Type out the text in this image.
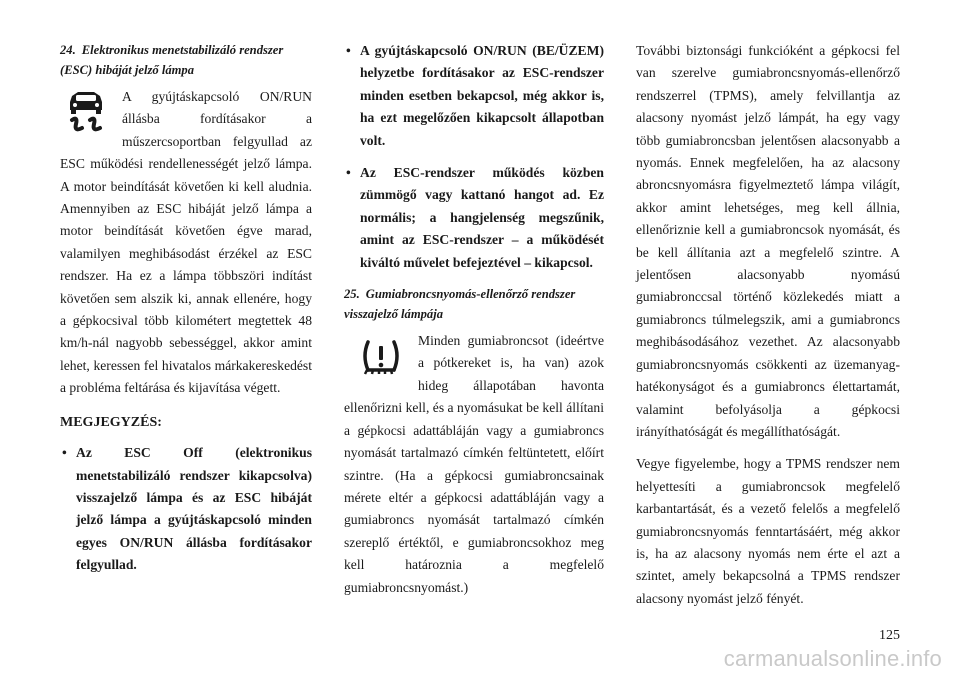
24. Elektronikus menetstabilizáló rendszer (ESC) hibáját jelző lámpa

A gyújtáskapcsoló ON/RUN állásba fordításakor a műszercsoportban felgyullad az ESC működési rendellenességét jelző lámpa. A motor beindítását követően ki kell aludnia. Amennyiben az ESC hibáját jelző lámpa a motor beindítását követően égve marad, valamilyen meghibásodást érzékel az ESC rendszer. Ha ez a lámpa többszöri indítást követően sem alszik ki, annak ellenére, hogy a gépkocsival több kilométert megtettek 48 km/h-nál nagyobb sebességgel, akkor amint lehet, keressen fel hivatalos márkakereskedést a probléma feltárása és kijavítása végett.

MEGJEGYZÉS:
• Az ESC Off (elektronikus menetstabilizáló rendszer kikapcsolva) visszajelző lámpa és az ESC hibáját jelző lámpa a gyújtáskapcsoló minden egyes ON/RUN állásba fordításakor felgyullad.
• A gyújtáskapcsoló ON/RUN (BE/ÜZEM) helyzetbe fordításakor az ESC-rendszer minden esetben bekapcsol, még akkor is, ha ezt megelőzően kikapcsolt állapotban volt.
• Az ESC-rendszer működés közben zümmögő vagy kattanó hangot ad. Ez normális; a hangjelenség megszűnik, amint az ESC-rendszer – a működését kiváltó művelet befejeztével – kikapcsol.
25. Gumiabroncsnyomás-ellenőrző rendszer visszajelző lámpája

Minden gumiabroncsot (ideértve a pótkereket is, ha van) azok hideg állapotában havonta ellenőrizni kell, és a nyomásukat be kell állítani a gépkocsi adattábláján vagy a gumiabroncs nyomását tartalmazó címkén feltüntetett, előírt szintre. (Ha a gépkocsi gumiabroncsainak mérete eltér a gépkocsi adattábláján vagy a gumiabroncs nyomását tartalmazó címkén szereplő értéktől, e gumiabroncsokhoz meg kell határoznia a megfelelő gumiabroncsnyomást.)

További biztonsági funkcióként a gépkocsi fel van szerelve gumiabroncsnyomás-ellenőrző rendszerrel (TPMS), amely felvillantja az alacsony nyomást jelző lámpát, ha egy vagy több gumiabroncsban jelentősen alacsonyabb a nyomás. Ennek megfelelően, ha az alacsony abroncsnyomásra figyelmeztető lámpa világít, akkor amint lehetséges, meg kell állnia, ellenőriznie kell a gumiabroncsok nyomását, és be kell állítania azt a megfelelő szintre. A jelentősen alacsonyabb nyomású gumiabronccsal történő közlekedés miatt a gumiabroncs túlmelegszik, ami a gumiabroncs meghibásodásához vezethet. Az alacsonyabb gumiabroncsnyomás csökkenti az üzemanyag-hatékonyságot és a gumiabroncs élettartamát, valamint befolyásolja a gépkocsi irányíthatóságát és megállíthatóságát.

Vegye figyelembe, hogy a TPMS rendszer nem helyettesíti a gumiabroncsok megfelelő karbantartását, és a vezető felelős a megfelelő gumiabroncsnyomás fenntartásáért, még akkor is, ha az alacsony nyomás nem érte el azt a szintet, amely bekapcsolná a TPMS rendszer alacsony nyomást jelző fényét.

125
carmanualsonline.info
